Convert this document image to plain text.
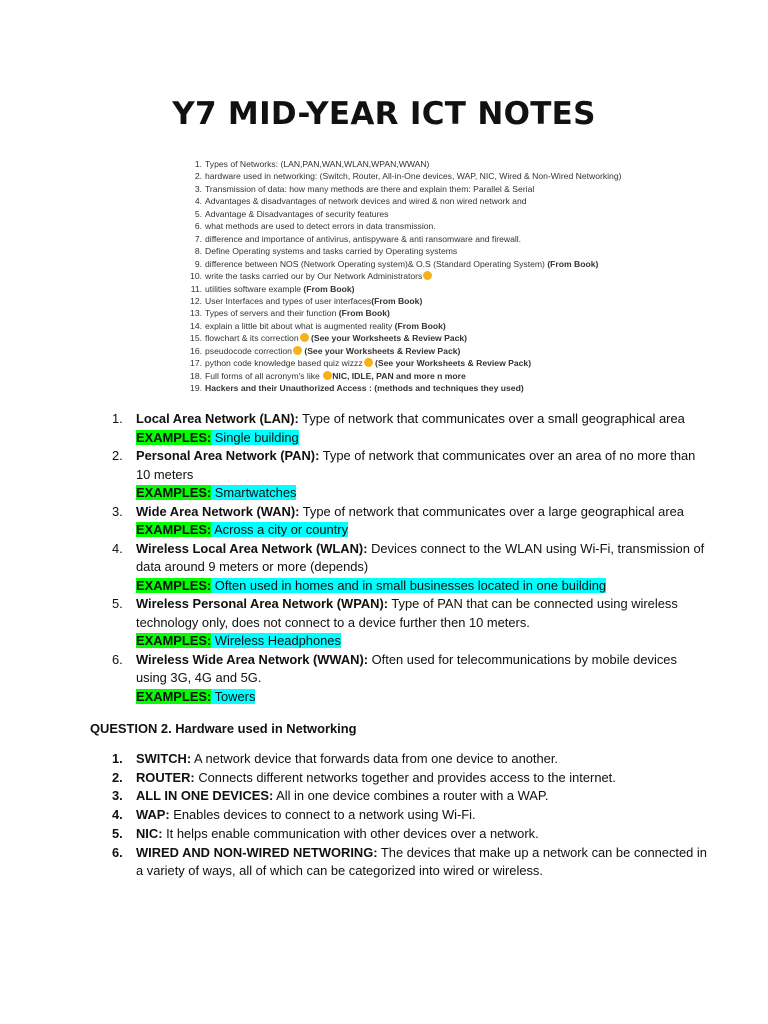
Y7 MID-YEAR ICT NOTES
1. Types of Networks: (LAN,PAN,WAN,WLAN,WPAN,WWAN)
2. hardware used in networking: (Switch, Router, All-in-One devices, WAP, NIC, Wired & Non-Wired Networking)
3. Transmission of data: how many methods are there and explain them: Parallel & Serial
4. Advantages & disadvantages of network devices and wired & non wired network and
5. Advantage & Disadvantages of security features
6. what methods are used to detect errors in data transmission.
7. difference and importance of antivirus, antispyware & anti ransomware and firewall.
8. Define Operating systems and tasks carried by Operating systems
9. difference between NOS (Network Operating system)& O.S (Standard Operating System) (From Book)
10. write the tasks carried our by Our Network Administrators
11. utilities software example (From Book)
12. User Interfaces and types of user interfaces(From Book)
13. Types of servers and their function (From Book)
14. explain a little bit about what is augmented reality (From Book)
15. flowchart & its correction (See your Worksheets & Review Pack)
16. pseudocode correction (See your Worksheets & Review Pack)
17. python code knowledge based quiz wizzz (See your Worksheets & Review Pack)
18. Full forms of all acronym's like NIC, IDLE, PAN and more n more
19. Hackers and their Unauthorized Access : (methods and techniques they used)
1. Local Area Network (LAN): Type of network that communicates over a small geographical area
EXAMPLES: Single building
2. Personal Area Network (PAN): Type of network that communicates over an area of no more than 10 meters
EXAMPLES: Smartwatches
3. Wide Area Network (WAN): Type of network that communicates over a large geographical area
EXAMPLES: Across a city or country
4. Wireless Local Area Network (WLAN): Devices connect to the WLAN using Wi-Fi, transmission of data around 9 meters or more (depends)
EXAMPLES: Often used in homes and in small businesses located in one building
5. Wireless Personal Area Network (WPAN): Type of PAN that can be connected using wireless technology only, does not connect to a device further then 10 meters.
EXAMPLES: Wireless Headphones
6. Wireless Wide Area Network (WWAN): Often used for telecommunications by mobile devices using 3G, 4G and 5G.
EXAMPLES: Towers

QUESTION 2. Hardware used in Networking

1. SWITCH: A network device that forwards data from one device to another.
2. ROUTER: Connects different networks together and provides access to the internet.
3. ALL IN ONE DEVICES: All in one device combines a router with a WAP.
4. WAP: Enables devices to connect to a network using Wi-Fi.
5. NIC: It helps enable communication with other devices over a network.
6. WIRED AND NON-WIRED NETWORING: The devices that make up a network can be connected in a variety of ways, all of which can be categorized into wired or wireless.
